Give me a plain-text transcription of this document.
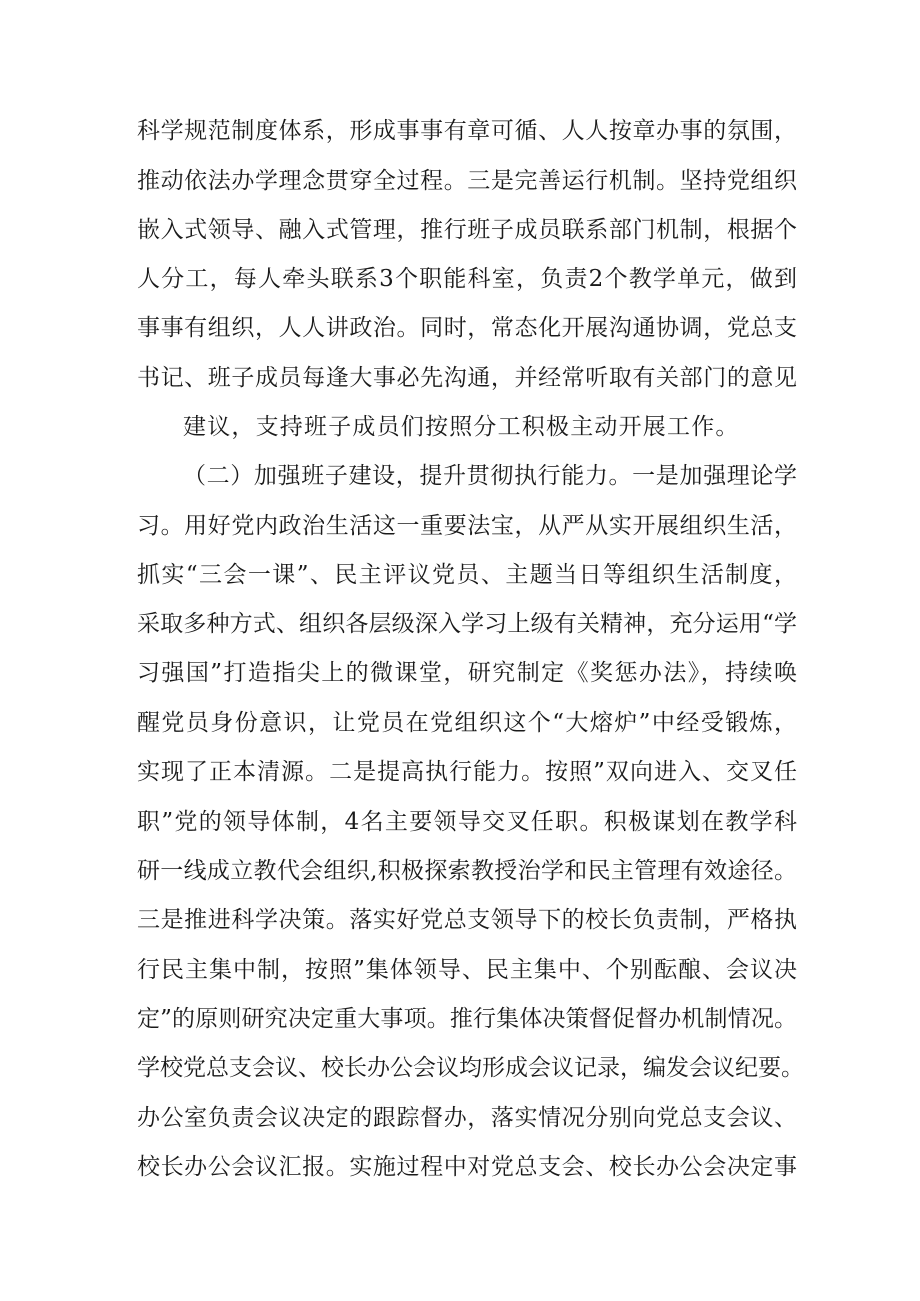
科学规范制度体系，形成事事有章可循、人人按章办事的氛围，
推动依法办学理念贯穿全过程。三是完善运行机制。坚持党组织
嵌入式领导、融入式管理，推行班子成员联系部门机制，根据个
人分工，每人牵头联系3个职能科室，负责2个教学单元，做到
事事有组织，人人讲政治。同时，常态化开展沟通协调，党总支
书记、班子成员每逢大事必先沟通，并经常听取有关部门的意见
建议，支持班子成员们按照分工积极主动开展工作。
（二）加强班子建设，提升贯彻执行能力。一是加强理论学
习。用好党内政治生活这一重要法宝，从严从实开展组织生活，
抓实“三会一课”、民主评议党员、主题当日等组织生活制度，
采取多种方式、组织各层级深入学习上级有关精神，充分运用“学
习强国”打造指尖上的微课堂，研究制定《奖惩办法》，持续唤
醒党员身份意识，让党员在党组织这个“大熔炉”中经受锻炼，
实现了正本清源。二是提高执行能力。按照”双向进入、交叉任
职”党的领导体制，4名主要领导交叉任职。积极谋划在教学科
研一线成立教代会组织,积极探索教授治学和民主管理有效途径。
三是推进科学决策。落实好党总支领导下的校长负责制，严格执
行民主集中制，按照”集体领导、民主集中、个别酝酿、会议决
定”的原则研究决定重大事项。推行集体决策督促督办机制情况。
学校党总支会议、校长办公会议均形成会议记录，编发会议纪要。
办公室负责会议决定的跟踪督办，落实情况分别向党总支会议、
校长办公会议汇报。实施过程中对党总支会、校长办公会决定事
